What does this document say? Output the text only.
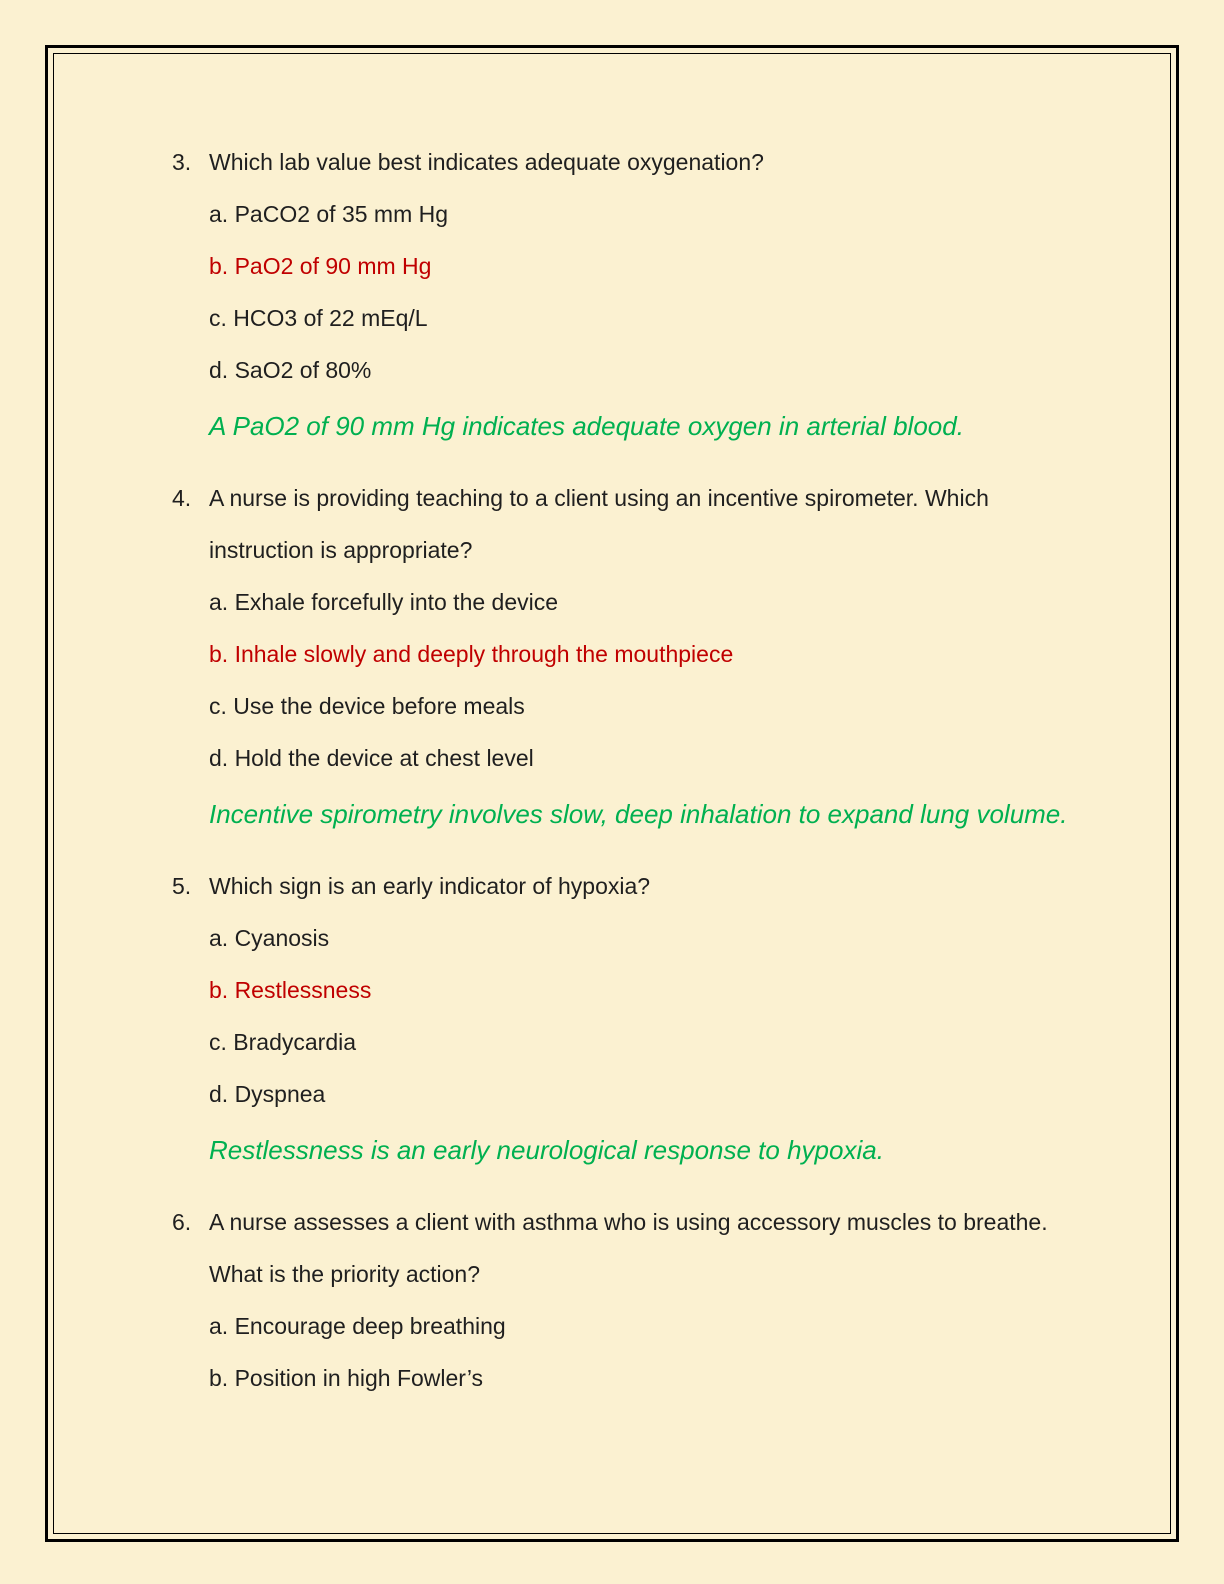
3. Which lab value best indicates adequate oxygenation?
a. PaCO2 of 35 mm Hg
b. PaO2 of 90 mm Hg
c. HCO3 of 22 mEq/L
d. SaO2 of 80%
A PaO2 of 90 mm Hg indicates adequate oxygen in arterial blood.
4. A nurse is providing teaching to a client using an incentive spirometer. Which instruction is appropriate?
a. Exhale forcefully into the device
b. Inhale slowly and deeply through the mouthpiece
c. Use the device before meals
d. Hold the device at chest level
Incentive spirometry involves slow, deep inhalation to expand lung volume.
5. Which sign is an early indicator of hypoxia?
a. Cyanosis
b. Restlessness
c. Bradycardia
d. Dyspnea
Restlessness is an early neurological response to hypoxia.
6. A nurse assesses a client with asthma who is using accessory muscles to breathe. What is the priority action?
a. Encourage deep breathing
b. Position in high Fowler’s
